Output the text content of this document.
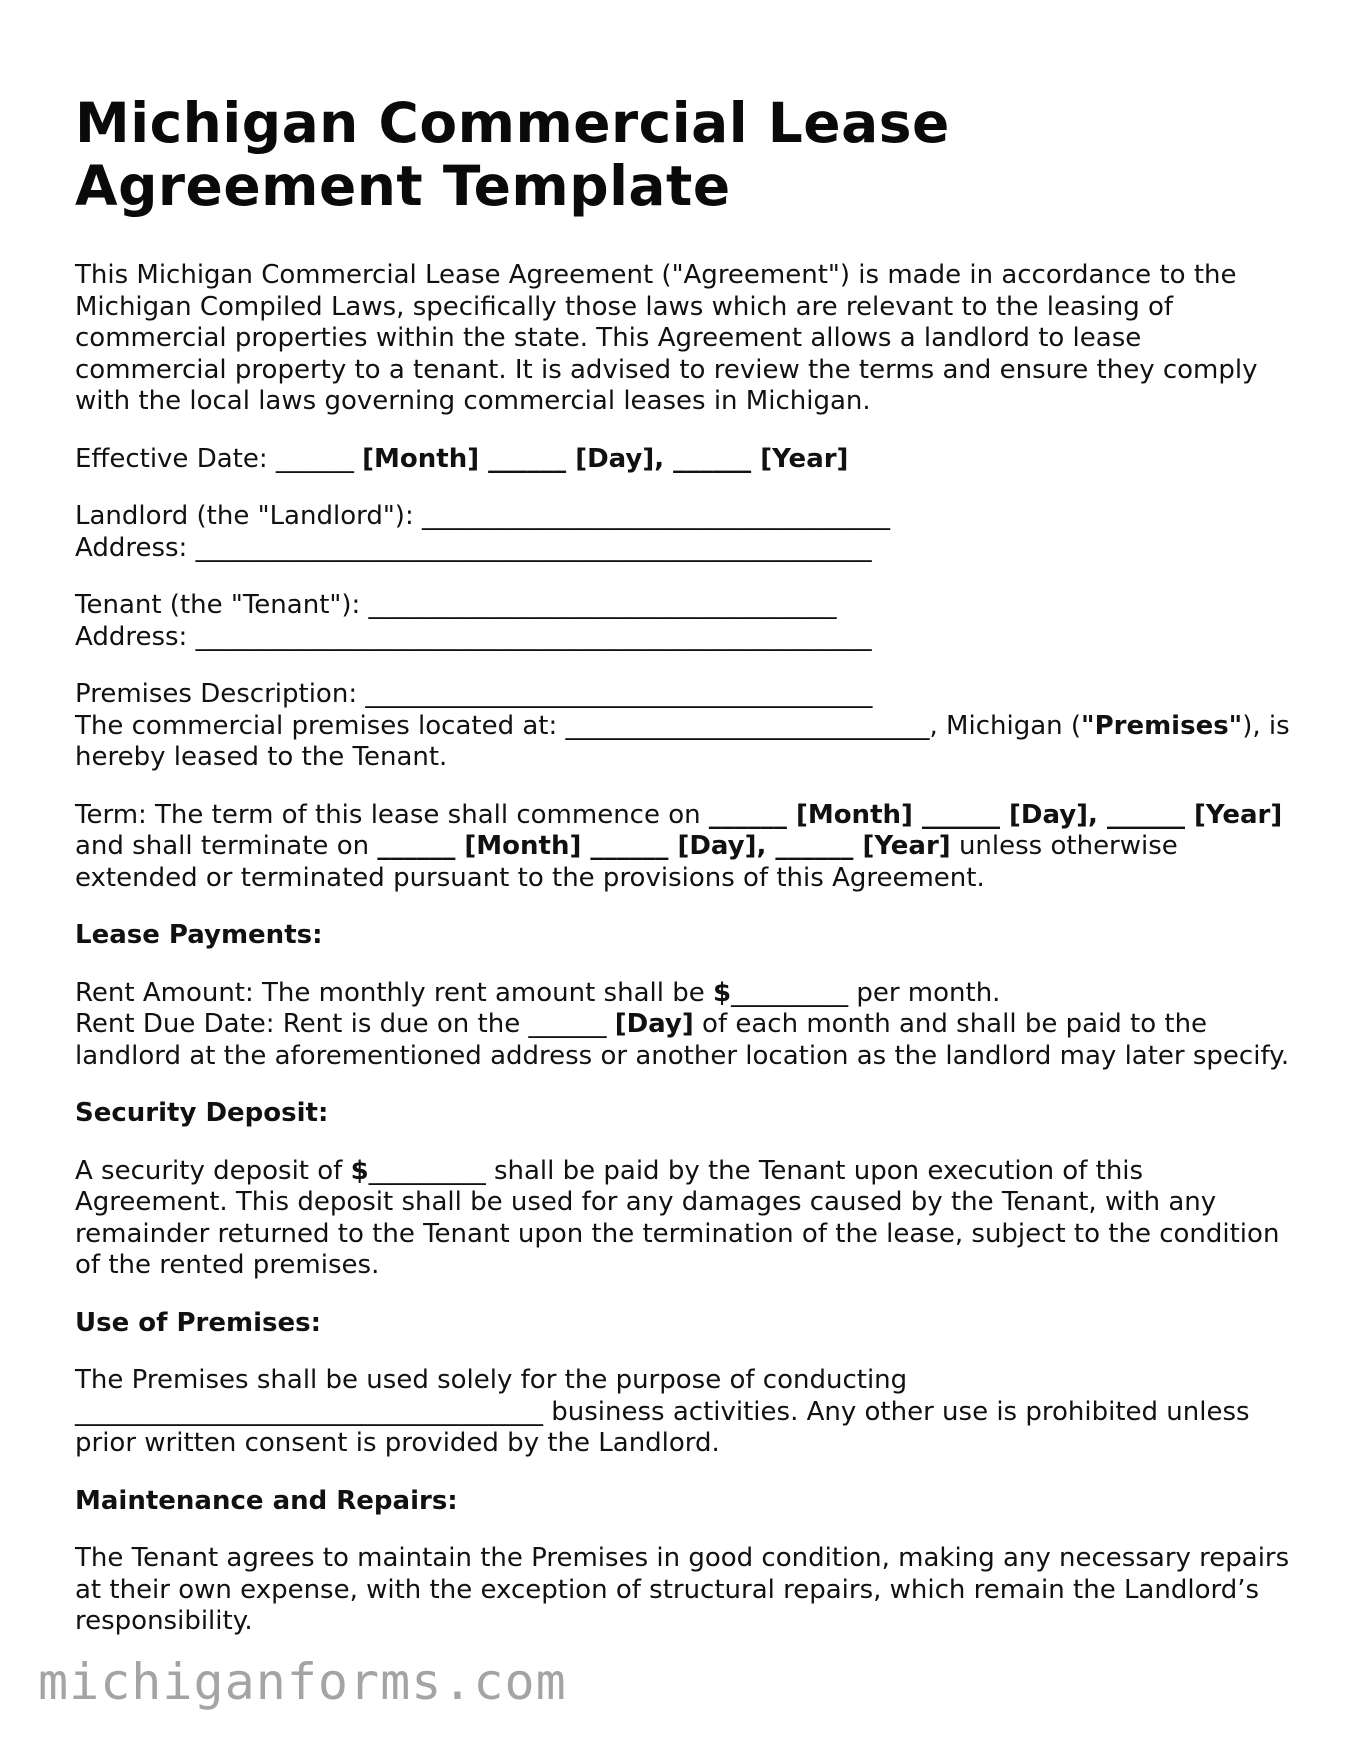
Michigan Commercial Lease Agreement Template

This Michigan Commercial Lease Agreement ("Agreement") is made in accordance to the Michigan Compiled Laws, specifically those laws which are relevant to the leasing of commercial properties within the state. This Agreement allows a landlord to lease commercial property to a tenant. It is advised to review the terms and ensure they comply with the local laws governing commercial leases in Michigan.

Effective Date: ______ [Month] ______ [Day], ______ [Year]

Landlord (the "Landlord"): ____________________________________
Address: ____________________________________________________

Tenant (the "Tenant"): ____________________________________
Address: ____________________________________________________

Premises Description: _______________________________________
The commercial premises located at: ____________________________, Michigan ("Premises"), is hereby leased to the Tenant.

Term: The term of this lease shall commence on ______ [Month] ______ [Day], ______ [Year] and shall terminate on ______ [Month] ______ [Day], ______ [Year] unless otherwise extended or terminated pursuant to the provisions of this Agreement.

Lease Payments:

Rent Amount: The monthly rent amount shall be $_________ per month.
Rent Due Date: Rent is due on the ______ [Day] of each month and shall be paid to the landlord at the aforementioned address or another location as the landlord may later specify.

Security Deposit:

A security deposit of $_________ shall be paid by the Tenant upon execution of this Agreement. This deposit shall be used for any damages caused by the Tenant, with any remainder returned to the Tenant upon the termination of the lease, subject to the condition of the rented premises.

Use of Premises:

The Premises shall be used solely for the purpose of conducting ____________________________________ business activities. Any other use is prohibited unless prior written consent is provided by the Landlord.

Maintenance and Repairs:

The Tenant agrees to maintain the Premises in good condition, making any necessary repairs at their own expense, with the exception of structural repairs, which remain the Landlord’s responsibility.

michiganforms.com
